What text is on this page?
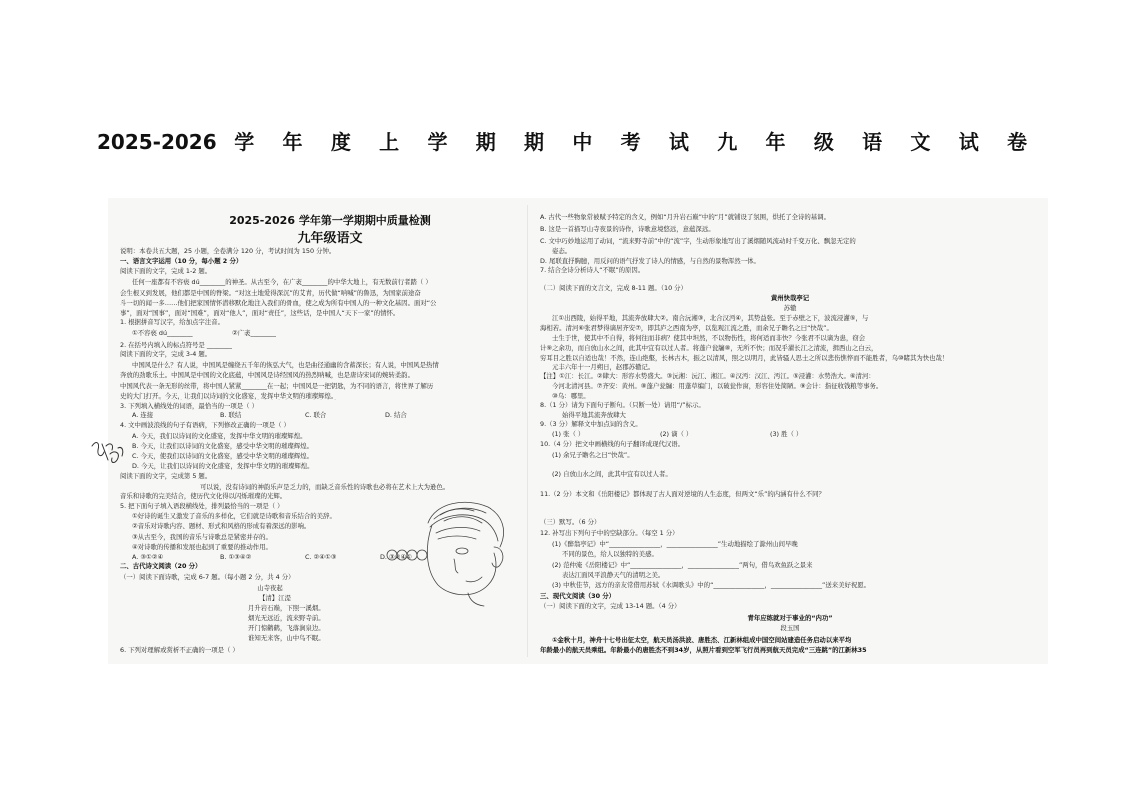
2025-2026 学 年 度 上 学 期 期 中 考 试 九 年 级 语 文 试 卷
2025-2026 学年第一学期期中质量检测
九年级语文
说明：本卷共五大题，25 小题，全卷满分 120 分，考试时间为 150 分钟。
一、语言文字运用（10 分，每小题 2 分）
阅读下面的文字，完成 1-2 题。
任何一座都有不容亵 dú________的神圣。从古至今，在广袤________的中华大地上，有无数前行者踏（ ）
会生根又到发展，他们都是中国的脊梁。“对这土地爱得深沉”的艾青，历代做“呐喊”的鲁迅，为国家前途奋
斗一切的闻一多……他们把家国情怀潜移默化地注入我们的骨血，使之成为所有中国人的一种文化基因。面对“公
事”，面对“国事”，面对“国难”，面对“他人”，面对“责任”，这些话，是中国人“天下一家”的情怀。
1. 根据拼音写汉字，给加点字注音。
①不容亵 dú________	②广袤________
2. 在括号内填入的标点符号是 ________
阅读下面的文字，完成 3-4 题。
中国风是什么？有人说，中国风是缠绕五千年的恢弘大气，也是曲径通幽的含蓄深长；有人说，中国风是热情
奔放的劲歌乐土。中国风是中国的文化底蕴，中国风是诗经国风的热烈呐喊，也是唐诗宋词的婉转柔韵。
中国风代表一条无形的丝带，将中国人紧紧________在一起；中国风是一把钥匙，为不同的语言，将世界了解历
史的大门打开。今天，让我们以诗词的文化盛宴，发挥中华文明的璀璨辉煌。
3. 下列填入横线处的词语，最恰当的一项是（ ）
A. 连接	B. 联结	C. 联合	D. 结合
4. 文中画波浪线的句子有语病，下列修改正确的一项是（ ）
A. 今天，我们以诗词的文化盛宴，发挥中华文明的璀璨辉煌。
B. 今天，让我们以诗词的文化盛宴，感受中华文明的璀璨辉煌。
C. 今天，使我们以诗词的文化盛宴，感受中华文明的璀璨辉煌。
D. 今天，让我们以诗词的文化盛宴，发挥中华文明的璀璨辉煌。
阅读下面的文字，完成第 5 题。
可以说，没有诗词的神韵乐声是乏力的，而缺乏音乐性的诗歌也必将在艺术上大为逊色。
音乐和诗歌的完美结合，使历代文化得以闪烁璀璨的光辉。
5. 把下面句子填入语段横线处，排列最恰当的一项是（ ）
①好诗的诞生又激发了音乐的多样化，它们就是诗歌和音乐结合的美辞。
②音乐对诗歌内容、题材、形式和风格的形成有着深远的影响。
③从古至今，我国的音乐与诗歌总是紧密并存的。
④对诗歌的传播和发展也起到了重要的推动作用。
A. ③①②④	B. ①③④②	C. ②④①③	D. ③②④①
二、古代诗文阅读（20 分）
（一）阅读下面诗歌，完成 6-7 题。（每小题 2 分，共 4 分）
山寺夜起
【清】江湜
月升岩石巅，下照一溪烟。
烟光无远近，流来野寺前。
开门惊鹳鹤，飞落涧泉边。
谁知无来客，山中鸟不眠。
6. 下列对理解或赏析不正确的一项是（ ）
A. 古代一些物象常被赋予特定的含义，例如“月升岩石巅”中的“月”就铺设了氛围，烘托了全诗的基调。
B. 这是一首描写山寺夜景的诗作，诗歌意境悠远，意蕴深远。
C. 文中巧妙地运用了动词，“流来野寺前”中的“流”字，生动形象地写出了溪烟随风流动时千变万化、飘忽无定的
姿态。
D. 尾联直抒胸臆，用反问的语气抒发了诗人的情感，与自然的景物浑然一体。
7. 结合全诗分析诗人“不眠”的原因。
（二）阅读下面的文言文，完成 8-11 题。（10 分）
黄州快哉亭记
苏辙
江①出西陵，始得平地，其流奔放肆大②。南合沅湘③，北合汉沔④，其势益张。至于赤壁之下，波流浸灌⑤，与
海相若。清河⑥张君梦得谪居齐安⑦，即其庐之西南为亭，以览观江流之胜，而余兄子瞻名之曰“快哉”。
士生于世，使其中不自得，将何往而非病？使其中坦然，不以物伤性，将何适而非快？今张君不以谪为患，窃会
计⑨之余功，而自放山水之间，此其中宜有以过人者。将蓬户瓮牖⑧，无所不快；而况乎濯长江之清流，揖西山之白云，
穷耳目之胜以自适也哉！不然，连山绝壑，长林古木，振之以清风，照之以明月，此皆骚人思士之所以悲伤憔悴而不能胜者，乌⑩睹其为快也哉！
元丰六年十一月朔日，赵郡苏辙记。
【注】①江：长江。②肆大：形容水势盛大。③沅湘：沅江、湘江。④汉沔：汉江、沔江。⑤浸灌：水势浩大。⑥清河：
今河北清河县。⑦齐安：黄州。⑧蓬户瓮牖：用蓬草编门，以破瓮作窗，形容住处简陋。⑨会计：指征收钱粮等事务。
⑩乌：哪里。
8.（1 分）请为下面句子断句。（只断一处）请用“/”标示。
始得平地其流奔放肆大
9.（3 分）解释文中加点词的含义。
(1) 张（ ）	(2) 谪（ ）	(3) 胜（ ）
10.（4 分）把文中画横线的句子翻译成现代汉语。
(1) 余兄子瞻名之曰“快哉”。
(2) 自放山水之间，此其中宜有以过人者。
11.（2 分）本文和《岳阳楼记》都体现了古人面对逆境的人生态度，但两文“乐”的内涵有什么不同？
（三）默写。（6 分）
12. 补写出下列句子中的空缺部分。（每空 1 分）
(1)《醉翁亭记》中“________________，________________”生动地描绘了滁州山间早晚
不同的景色，给人以独特的美感。
(2) 范仲淹《岳阳楼记》中“________________，________________”两句，借鸟欢鱼跃之景来
表达江面风平浪静天气的清明之美。
(3) 中秋佳节，远方的亲友常借用苏轼《水调歌头》中的“________________，________________”送来美好祝愿。
三、现代文阅读（30 分）
（一）阅读下面的文字，完成 13-14 题。（4 分）
青年应练就对于事业的“内功”
段玉国
①金秋十月，神舟十七号出征太空，航天员汤洪波、唐胜杰、江新林组成中国空间站建造任务启动以来平均
年龄最小的航天员乘组。年龄最小的唐胜杰不到34岁，从照片看到空军飞行员再到航天员完成“三连跳”的江新林35
